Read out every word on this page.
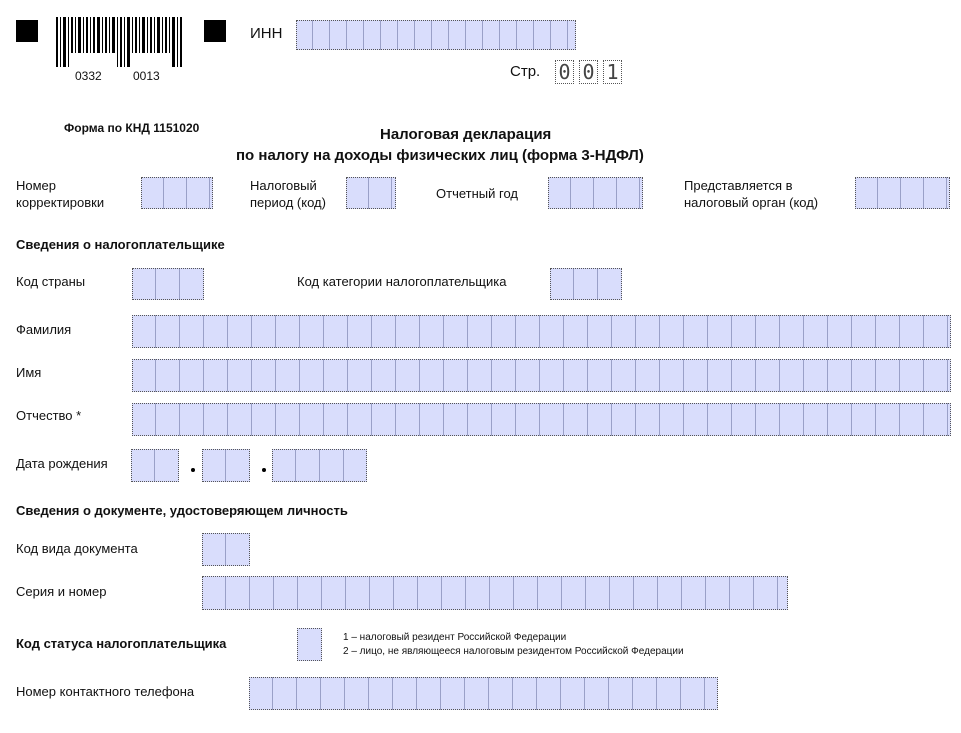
0332	0013
ИНН
Стр. 0 0 1
Форма по КНД 1151020	Налоговая декларация
по налогу на доходы физических лиц (форма 3-НДФЛ)
Номер
корректировки
Налоговый
период (код)
Отчетный год
Представляется в
налоговый орган (код)
Сведения о налогоплательщике
Код страны	Код категории налогоплательщика
Фамилия
Имя
Отчество *
Дата рождения
Сведения о документе, удостоверяющем личность
Код вида документа
Серия и номер
Код статуса налогоплательщика	1 – налоговый резидент Российской Федерации
2 – лицо, не являющееся налоговым резидентом Российской Федерации
Номер контактного телефона
